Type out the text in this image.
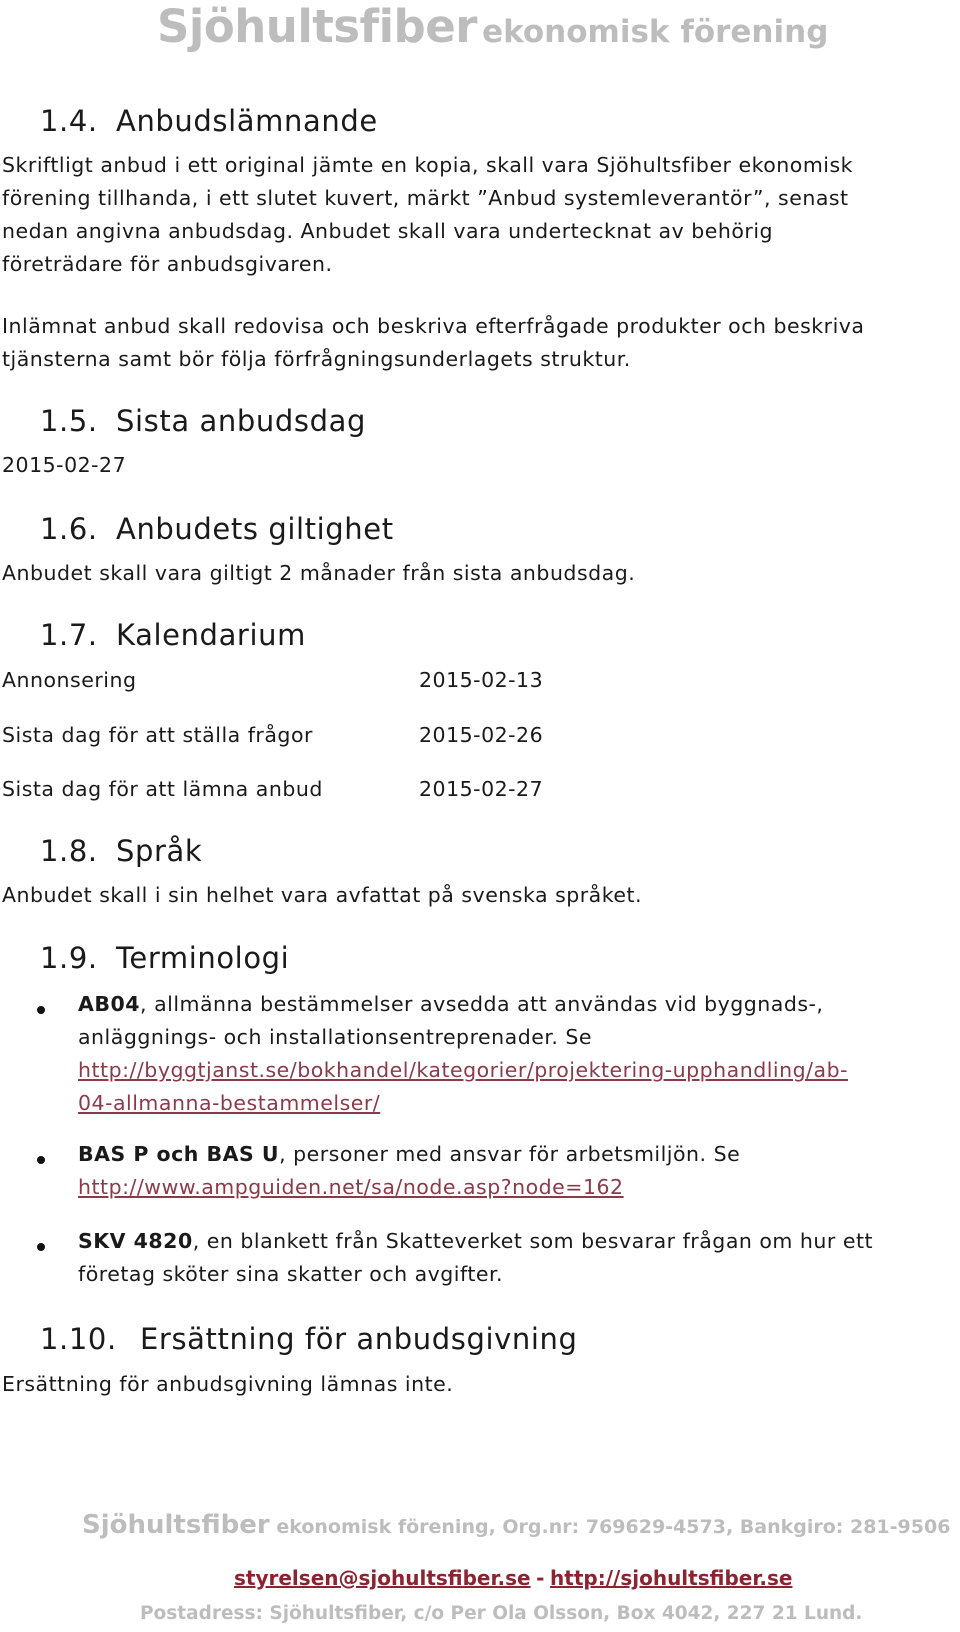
Sjöhultsfiber ekonomisk förening
1.4. Anbudslämnande
Skriftligt anbud i ett original jämte en kopia, skall vara Sjöhultsfiber ekonomisk
förening tillhanda, i ett slutet kuvert, märkt ”Anbud systemleverantör”, senast
nedan angivna anbudsdag. Anbudet skall vara undertecknat av behörig
företrädare för anbudsgivaren.
Inlämnat anbud skall redovisa och beskriva efterfrågade produkter och beskriva
tjänsterna samt bör följa förfrågningsunderlagets struktur.
1.5. Sista anbudsdag
2015-02-27
1.6. Anbudets giltighet
Anbudet skall vara giltigt 2 månader från sista anbudsdag.
1.7. Kalendarium
Annonsering	2015-02-13
Sista dag för att ställa frågor	2015-02-26
Sista dag för att lämna anbud	2015-02-27
1.8. Språk
Anbudet skall i sin helhet vara avfattat på svenska språket.
1.9. Terminologi
AB04, allmänna bestämmelser avsedda att användas vid byggnads-,
anläggnings- och installationsentreprenader. Se
http://byggtjanst.se/bokhandel/kategorier/projektering-upphandling/ab-
04-allmanna-bestammelser/
BAS P och BAS U, personer med ansvar för arbetsmiljön. Se
http://www.ampguiden.net/sa/node.asp?node=162
SKV 4820, en blankett från Skatteverket som besvarar frågan om hur ett
företag sköter sina skatter och avgifter.
1.10. Ersättning för anbudsgivning
Ersättning för anbudsgivning lämnas inte.
Sjöhultsfiber ekonomisk förening, Org.nr: 769629-4573, Bankgiro: 281-9506
styrelsen@sjohultsfiber.se - http://sjohultsfiber.se
Postadress: Sjöhultsfiber, c/o Per Ola Olsson, Box 4042, 227 21 Lund.
